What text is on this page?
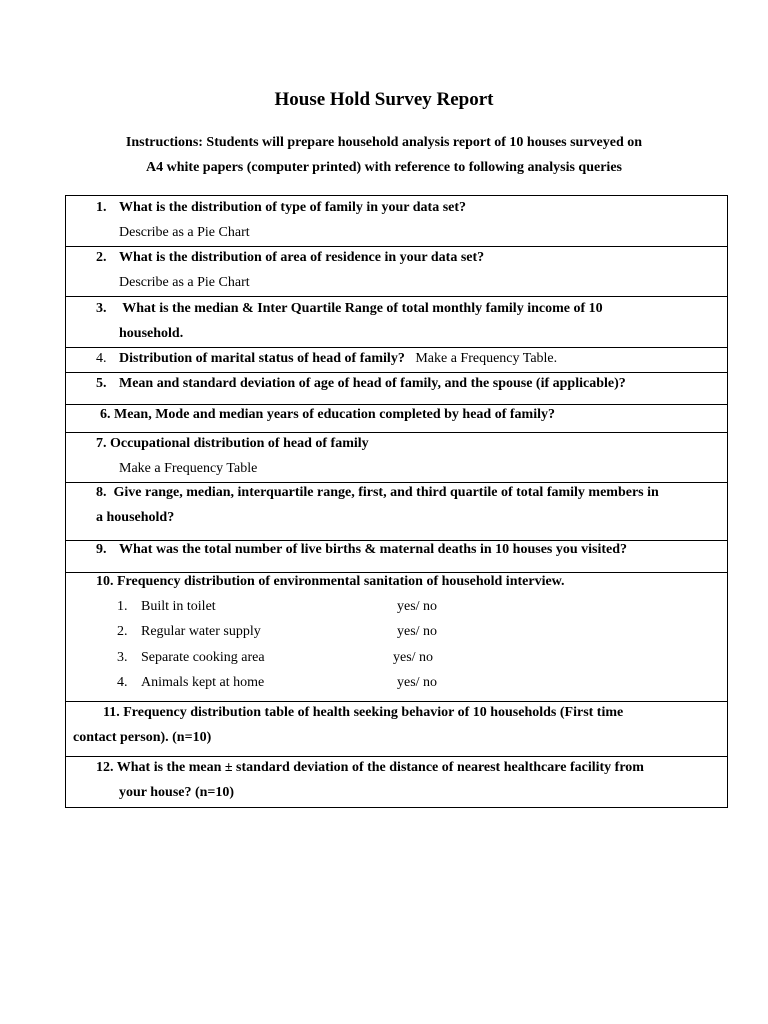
House Hold Survey Report
Instructions: Students will prepare household analysis report of 10 houses surveyed on
A4 white papers (computer printed) with reference to following analysis queries
1. What is the distribution of type of family in your data set?
Describe as a Pie Chart
2. What is the distribution of area of residence in your data set?
Describe as a Pie Chart
3. What is the median & Inter Quartile Range of total monthly family income of 10
household.
4. Distribution of marital status of head of family? Make a Frequency Table.
5. Mean and standard deviation of age of head of family, and the spouse (if applicable)?
6. Mean, Mode and median years of education completed by head of family?
7. Occupational distribution of head of family
Make a Frequency Table
8.  Give range, median, interquartile range, first, and third quartile of total family members in
a household?
9. What was the total number of live births & maternal deaths in 10 houses you visited?
10. Frequency distribution of environmental sanitation of household interview.
1. Built in toilet	yes/ no
2. Regular water supply	yes/ no
3. Separate cooking area	yes/ no
4. Animals kept at home	yes/ no
11. Frequency distribution table of health seeking behavior of 10 households (First time
contact person). (n=10)
12. What is the mean ± standard deviation of the distance of nearest healthcare facility from
your house? (n=10)
